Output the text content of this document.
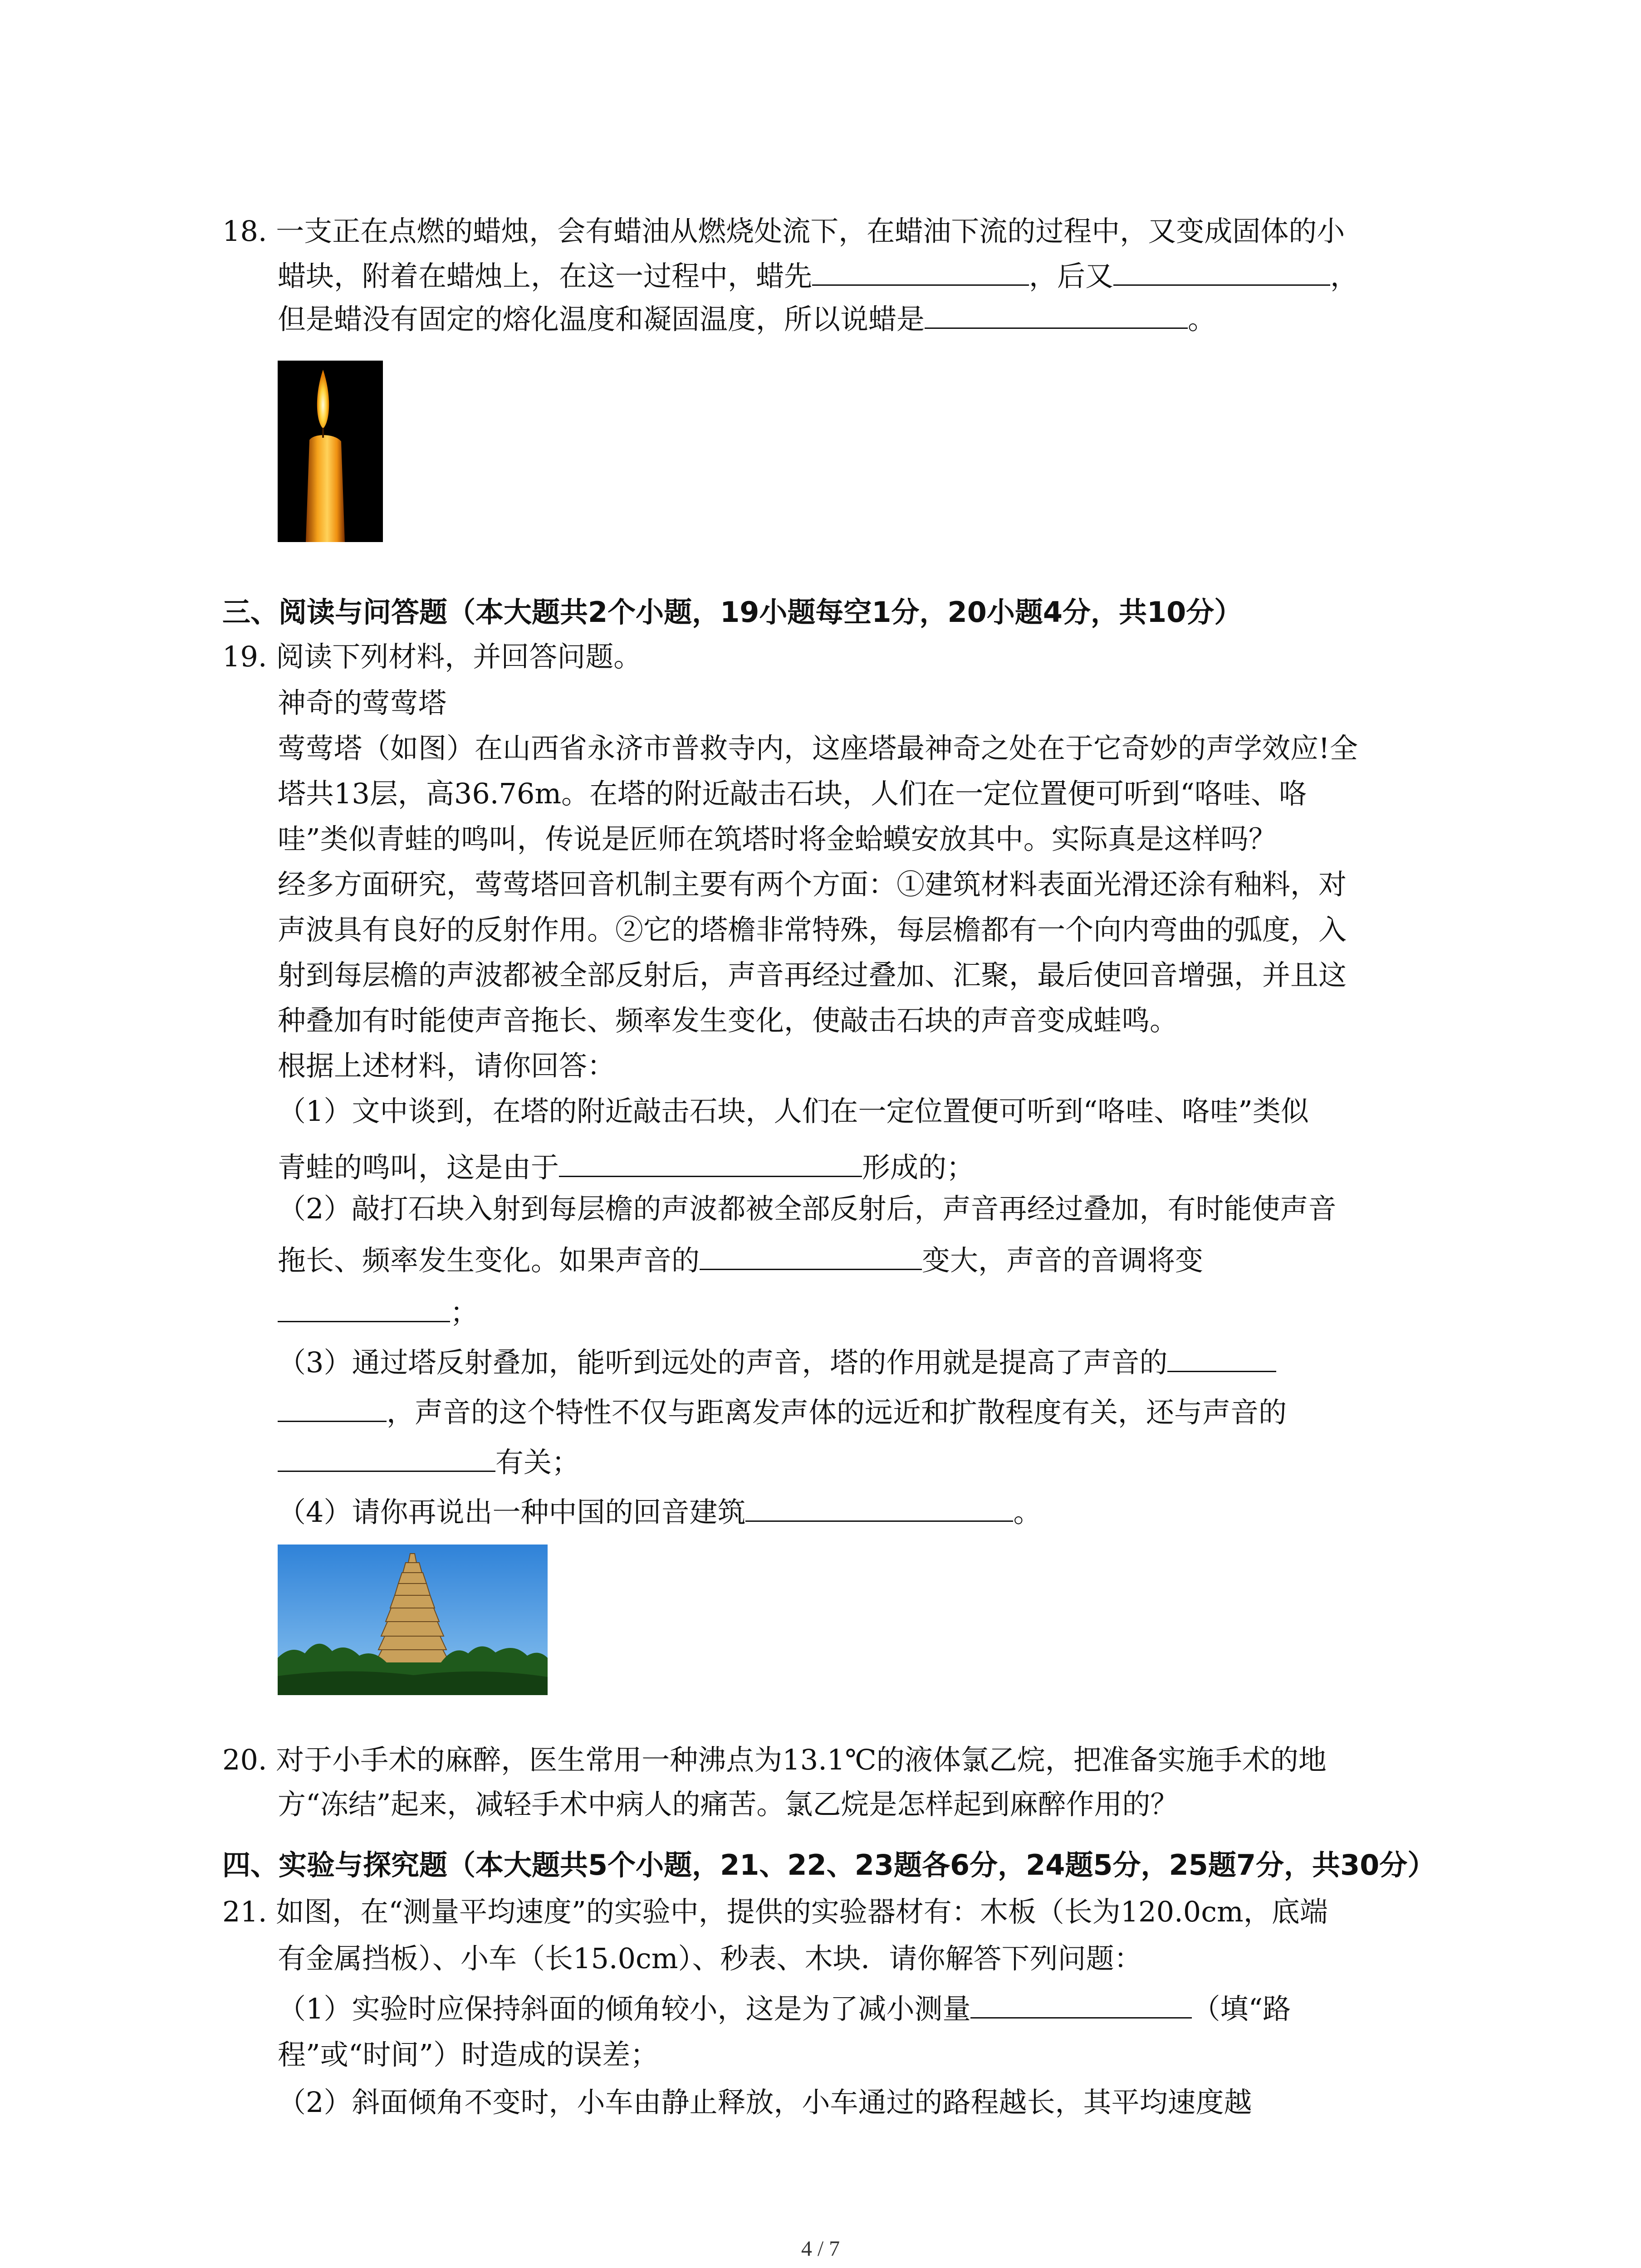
18. 一支正在点燃的蜡烛，会有蜡油从燃烧处流下，在蜡油下流的过程中，又变成固体的小
蜡块，附着在蜡烛上，在这一过程中，蜡先	，后又	，
但是蜡没有固定的熔化温度和凝固温度，所以说蜡是	。
三、阅读与问答题（本大题共2个小题，19小题每空1分，20小题4分，共10分）
19. 阅读下列材料，并回答问题。
神奇的莺莺塔
莺莺塔（如图）在山西省永济市普救寺内，这座塔最神奇之处在于它奇妙的声学效应!全
塔共13层，高36.76m。在塔的附近敲击石块，人们在一定位置便可听到“咯哇、咯
哇”类似青蛙的鸣叫，传说是匠师在筑塔时将金蛤蟆安放其中。实际真是这样吗？
经多方面研究，莺莺塔回音机制主要有两个方面：①建筑材料表面光滑还涂有釉料，对
声波具有良好的反射作用。②它的塔檐非常特殊，每层檐都有一个向内弯曲的弧度，入
射到每层檐的声波都被全部反射后，声音再经过叠加、汇聚，最后使回音增强，并且这
种叠加有时能使声音拖长、频率发生变化，使敲击石块的声音变成蛙鸣。
根据上述材料，请你回答：
（1）文中谈到，在塔的附近敲击石块，人们在一定位置便可听到“咯哇、咯哇”类似
青蛙的鸣叫，这是由于	形成的；
（2）敲打石块入射到每层檐的声波都被全部反射后，声音再经过叠加，有时能使声音
拖长、频率发生变化。如果声音的	变大，声音的音调将变
；
（3）通过塔反射叠加，能听到远处的声音，塔的作用就是提高了声音的
，声音的这个特性不仅与距离发声体的远近和扩散程度有关，还与声音的
有关；
（4）请你再说出一种中国的回音建筑	。
20. 对于小手术的麻醉，医生常用一种沸点为13.1℃的液体氯乙烷，把准备实施手术的地
方“冻结”起来，减轻手术中病人的痛苦。氯乙烷是怎样起到麻醉作用的？
四、实验与探究题（本大题共5个小题，21、22、23题各6分，24题5分，25题7分，共30分）
21. 如图，在“测量平均速度”的实验中，提供的实验器材有：木板（长为120.0cm，底端
有金属挡板）、小车（长15.0cm）、秒表、木块．请你解答下列问题：
（1）实验时应保持斜面的倾角较小，这是为了减小测量	（填“路
程”或“时间”）时造成的误差；
（2）斜面倾角不变时，小车由静止释放，小车通过的路程越长，其平均速度越
4 / 7
